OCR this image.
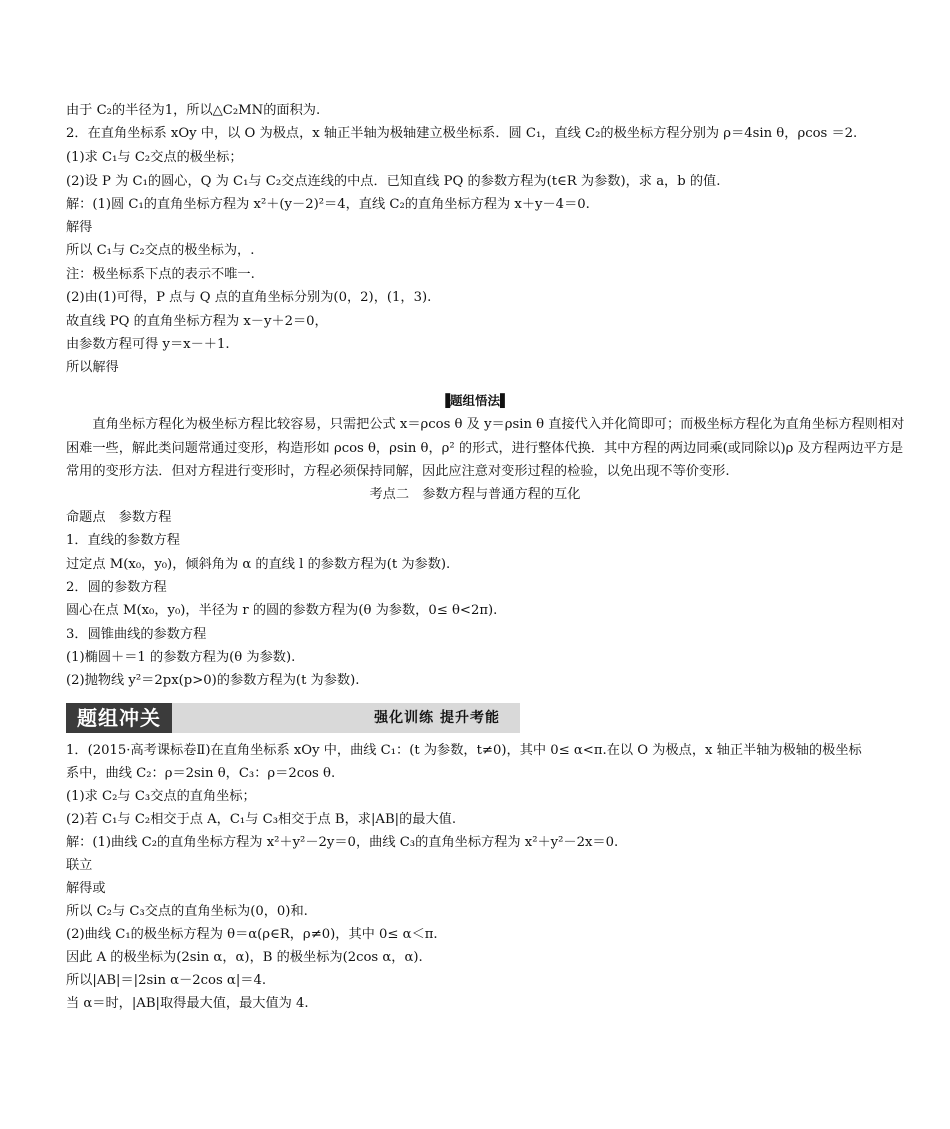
由于 C₂的半径为1，所以△C₂MN的面积为.
2．在直角坐标系 xOy 中，以 O 为极点，x 轴正半轴为极轴建立极坐标系．圆 C₁，直线 C₂的极坐标方程分别为 ρ＝4sin θ，ρcos ＝2.
(1)求 C₁与 C₂交点的极坐标；
(2)设 P 为 C₁的圆心，Q 为 C₁与 C₂交点连线的中点．已知直线 PQ 的参数方程为(t∈R 为参数)，求 a，b 的值.
解：(1)圆 C₁的直角坐标方程为 x²＋(y－2)²＝4，直线 C₂的直角坐标方程为 x＋y－4＝0.
解得
所以 C₁与 C₂交点的极坐标为，.
注：极坐标系下点的表示不唯一.
(2)由(1)可得，P 点与 Q 点的直角坐标分别为(0，2)，(1，3).
故直线 PQ 的直角坐标方程为 x－y＋2＝0，
由参数方程可得 y＝x－＋1.
所以解得
▐题组悟法▌
直角坐标方程化为极坐标方程比较容易，只需把公式 x＝ρcos θ 及 y＝ρsin θ 直接代入并化简即可；而极坐标方程化为直角坐标方程则相对困难一些，解此类问题常通过变形，构造形如 ρcos θ，ρsin θ，ρ² 的形式，进行整体代换．其中方程的两边同乘(或同除以)ρ 及方程两边平方是常用的变形方法．但对方程进行变形时，方程必须保持同解，因此应注意对变形过程的检验，以免出现不等价变形.
考点二　参数方程与普通方程的互化
命题点　参数方程
1．直线的参数方程
过定点 M(x₀，y₀)，倾斜角为 α 的直线 l 的参数方程为(t 为参数).
2．圆的参数方程
圆心在点 M(x₀，y₀)，半径为 r 的圆的参数方程为(θ 为参数，0≤ θ<2π).
3．圆锥曲线的参数方程
(1)椭圆＋＝1 的参数方程为(θ 为参数).
(2)抛物线 y²＝2px(p>0)的参数方程为(t 为参数).
题组冲关	强化训练 提升考能
1．(2015·高考课标卷Ⅱ)在直角坐标系 xOy 中，曲线 C₁：(t 为参数，t≠0)，其中 0≤ α<π.在以 O 为极点，x 轴正半轴为极轴的极坐标
系中，曲线 C₂：ρ＝2sin θ，C₃：ρ＝2cos θ.
(1)求 C₂与 C₃交点的直角坐标；
(2)若 C₁与 C₂相交于点 A，C₁与 C₃相交于点 B，求|AB|的最大值.
解：(1)曲线 C₂的直角坐标方程为 x²＋y²－2y＝0，曲线 C₃的直角坐标方程为 x²＋y²－2x＝0.
联立
解得或
所以 C₂与 C₃交点的直角坐标为(0，0)和.
(2)曲线 C₁的极坐标方程为 θ＝α(ρ∈R，ρ≠0)，其中 0≤ α＜π.
因此 A 的极坐标为(2sin α，α)，B 的极坐标为(2cos α，α).
所以|AB|＝|2sin α－2cos α|＝4.
当 α＝时，|AB|取得最大值，最大值为 4.
